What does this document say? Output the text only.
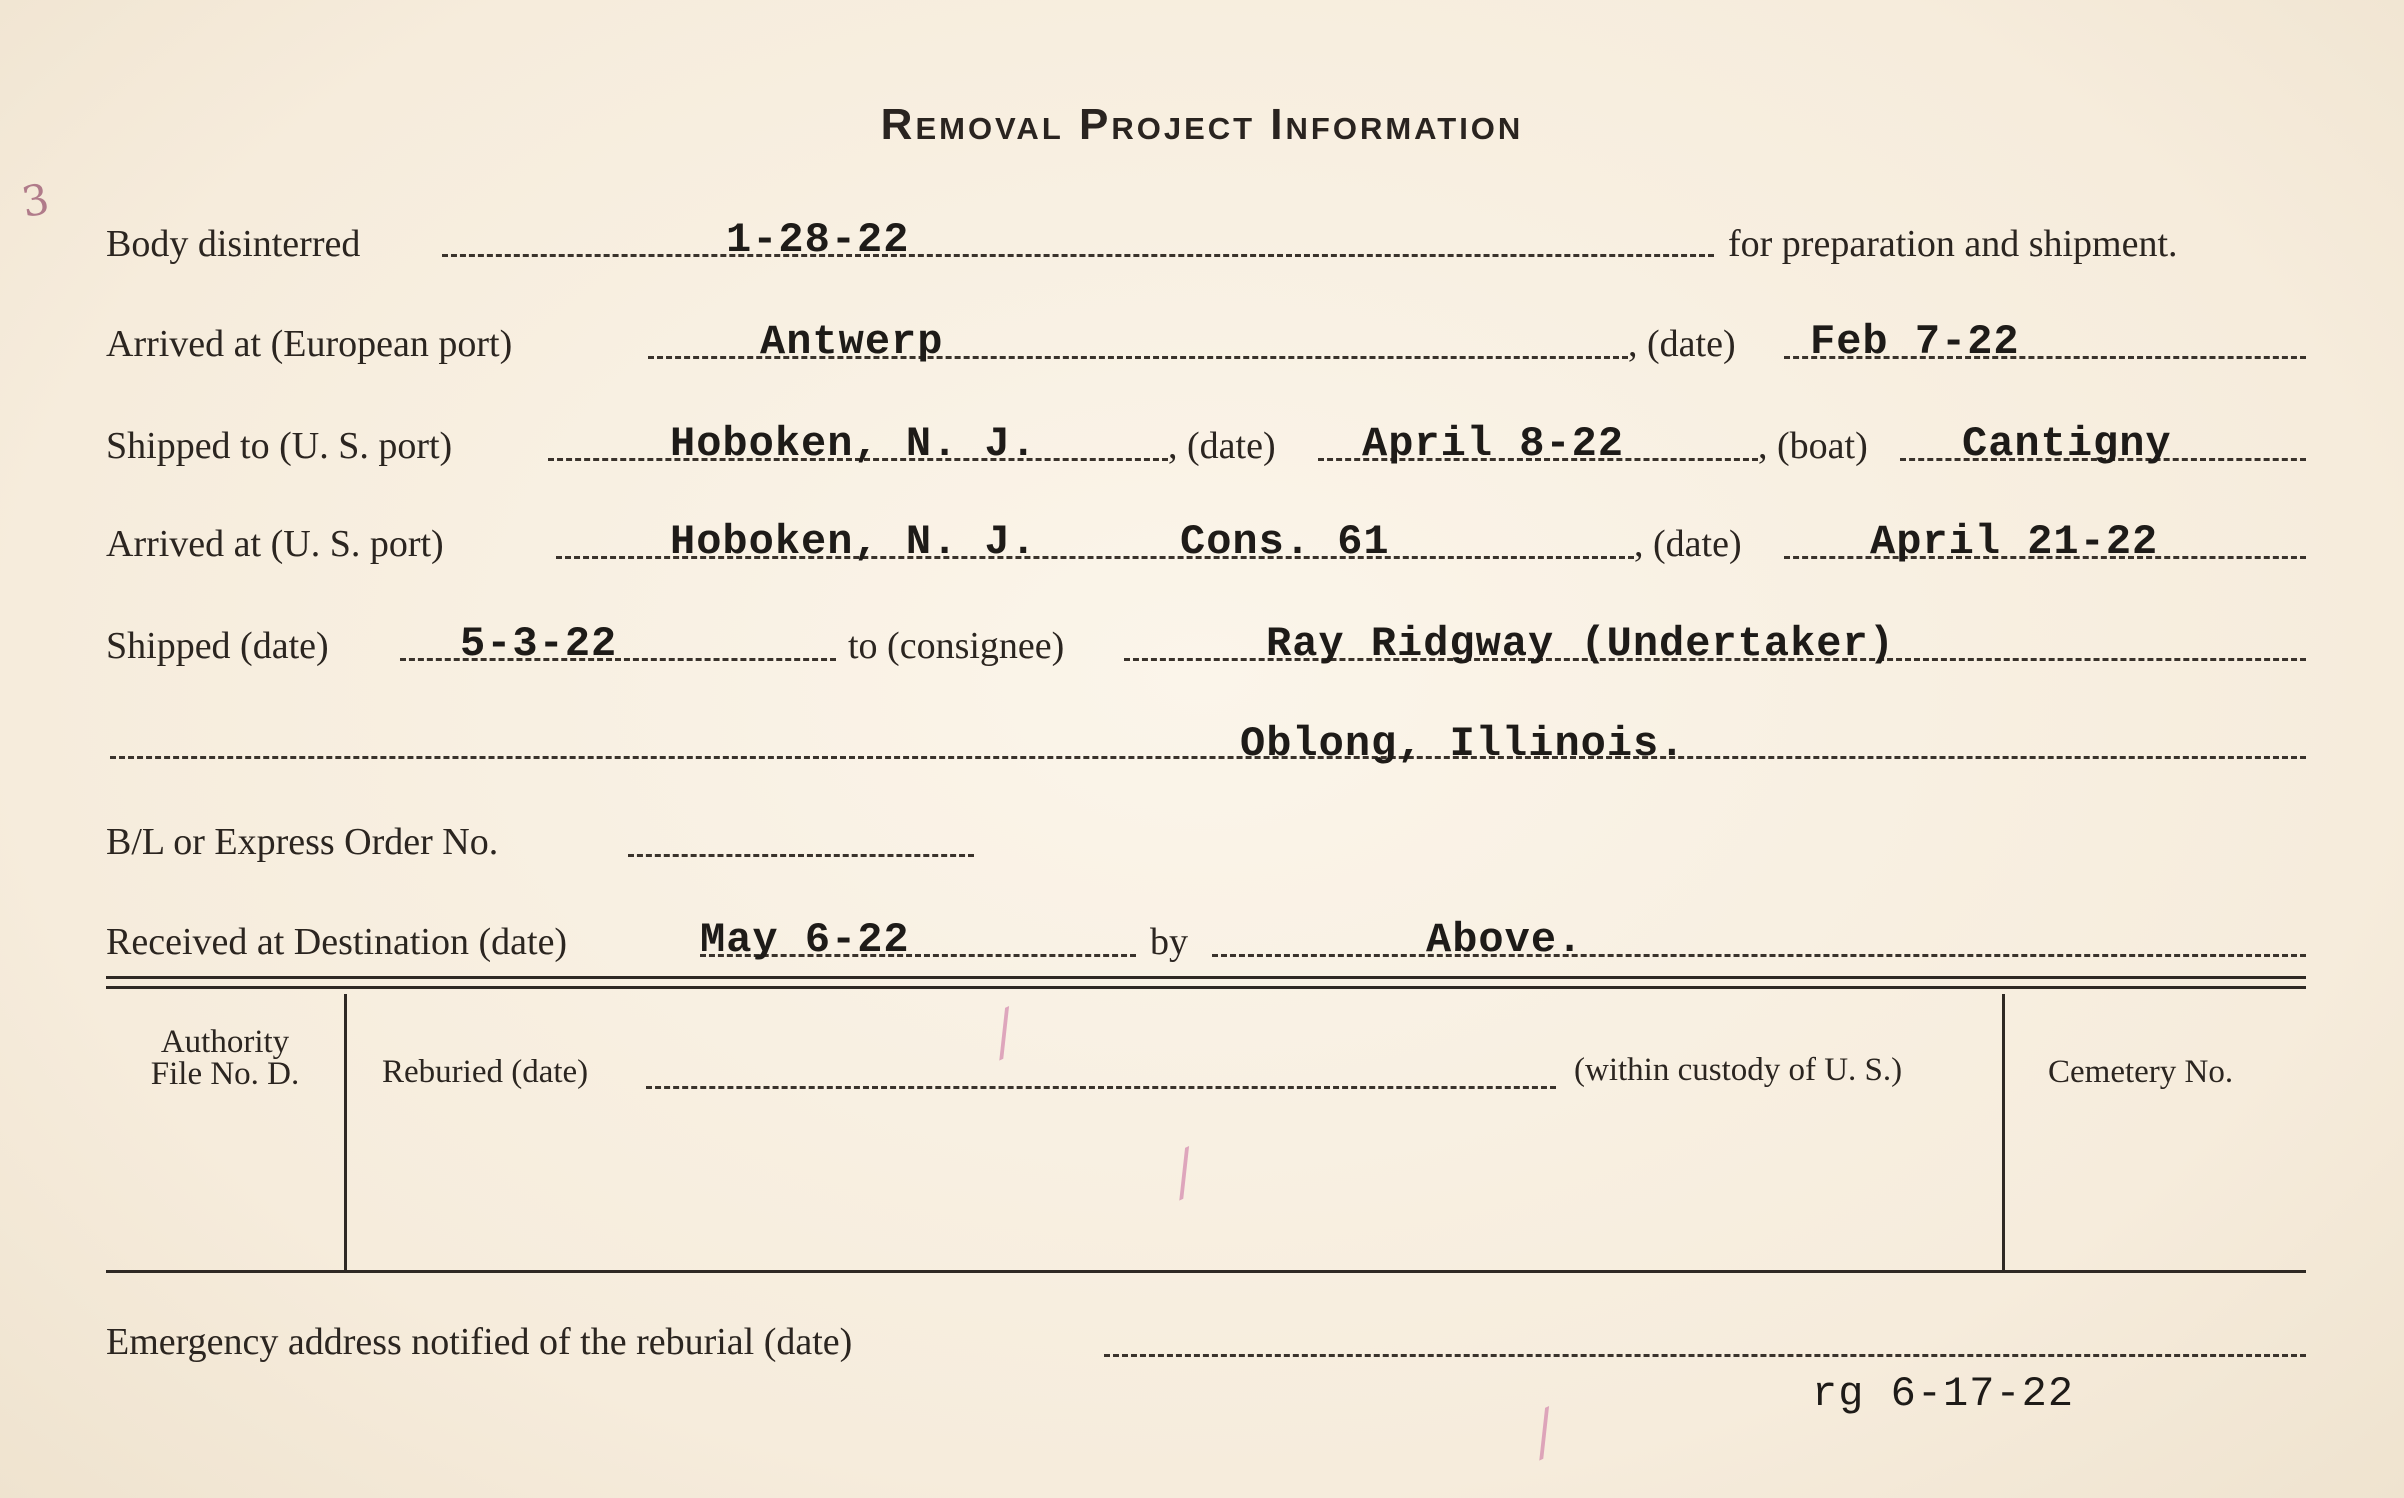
Removal Project Information
3
Body disinterred	1-28-22	for preparation and shipment.
Arrived at (European port)	Antwerp	, (date) Feb 7-22
Shipped to (U. S. port)	Hoboken, N. J.	, (date) April 8-22	, (boat) Cantigny
Arrived at (U. S. port)	Hoboken, N. J.	Cons. 61	, (date)	April 21-22
Shipped (date)	5-3-22	to (consignee)	Ray Ridgway (Undertaker)
Oblong, Illinois.
B/L or Express Order No.
Received at Destination (date)	May 6-22	by	Above.
Authority
File No. D.	Reburied (date)	(within custody of U. S.)	Cemetery No.
Emergency address notified of the reburial (date)
rg 6-17-22
⁄
⁄
⁄
